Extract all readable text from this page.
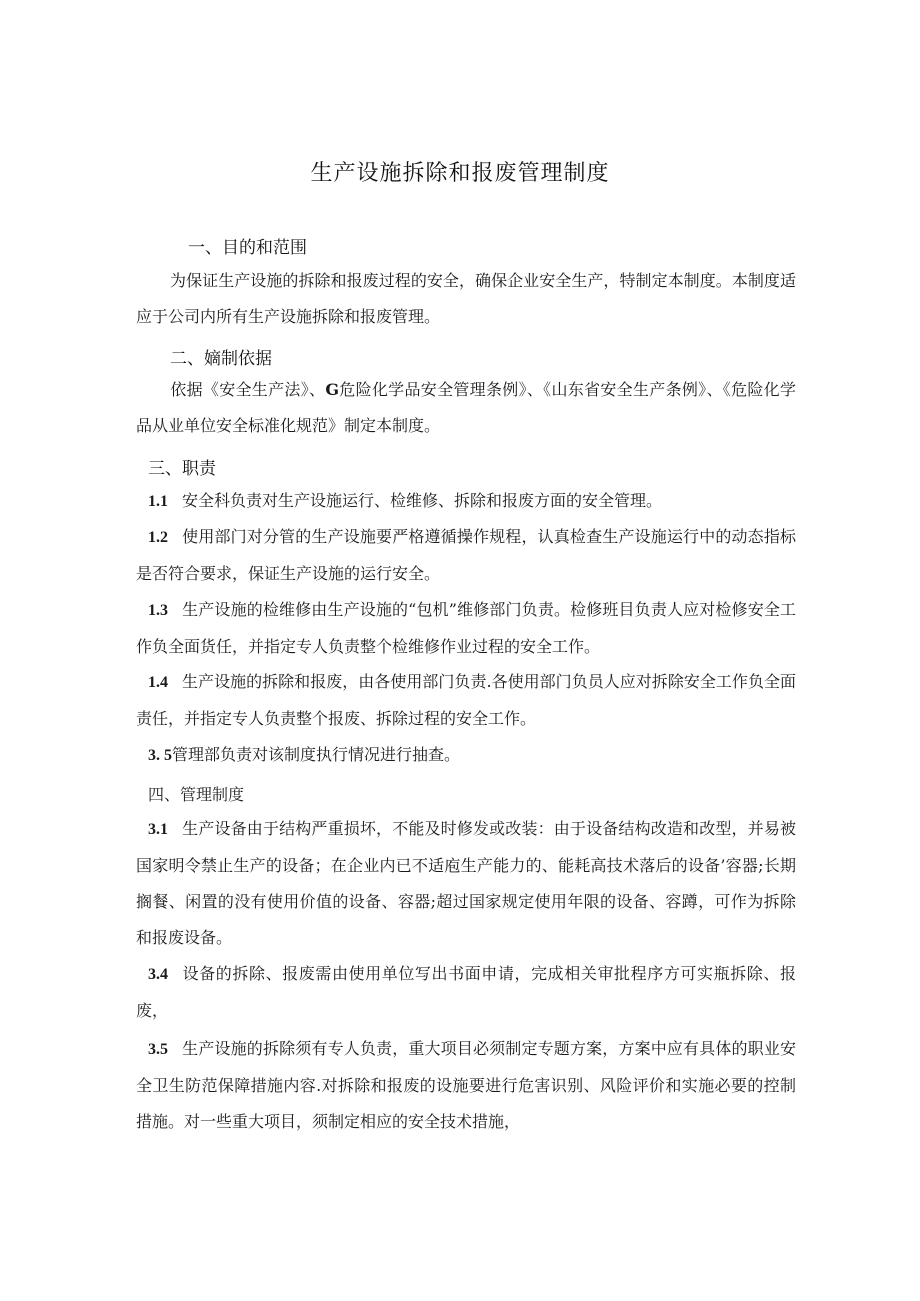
生产设施拆除和报废管理制度
一、目的和范围
为保证生产设施的拆除和报废过程的安全，确保企业安全生产，特制定本制度。本制度适应于公司内所有生产设施拆除和报废管理。
二、嫡制依据
依据《安全生产法》、G危险化学品安全管理条例》、《山东省安全生产条例》、《危险化学品从业单位安全标准化规范》制定本制度。
三、职责
1.1 安全科负责对生产设施运行、检维修、拆除和报废方面的安全管理。
1.2 使用部门对分管的生产设施要严格遵循操作规程，认真检查生产设施运行中的动态指标是否符合要求，保证生产设施的运行安全。
1.3 生产设施的检维修由生产设施的“包机”维修部门负责。检修班目负责人应对检修安全工作负全面货任，并指定专人负责整个检维修作业过程的安全工作。
1.4 生产设施的拆除和报废，由各使用部门负责.各使用部门负员人应对拆除安全工作负全面责任，并指定专人负责整个报废、拆除过程的安全工作。
3. 5管理部负责对该制度执行情况进行抽查。
四、管理制度
3.1 生产设备由于结构严重损坏，不能及时修发或改装：由于设备结构改造和改型，并易被国家明令禁止生产的设备；在企业内已不适庖生产能力的、能耗高技术落后的设备’容器;长期搁餐、闲置的没有使用价值的设备、容器;超过国家规定使用年限的设备、容蹲，可作为拆除和报废设备。
3.4 设备的拆除、报废需由使用单位写出书面申请，完成相关审批程序方可实瓶拆除、报废，
3.5 生产设施的拆除须有专人负责，重大项目必须制定专题方案，方案中应有具体的职业安全卫生防范保障措施内容.对拆除和报废的设施要进行危害识别、风险评价和实施必要的控制措施。对一些重大项目，须制定相应的安全技术措施，
